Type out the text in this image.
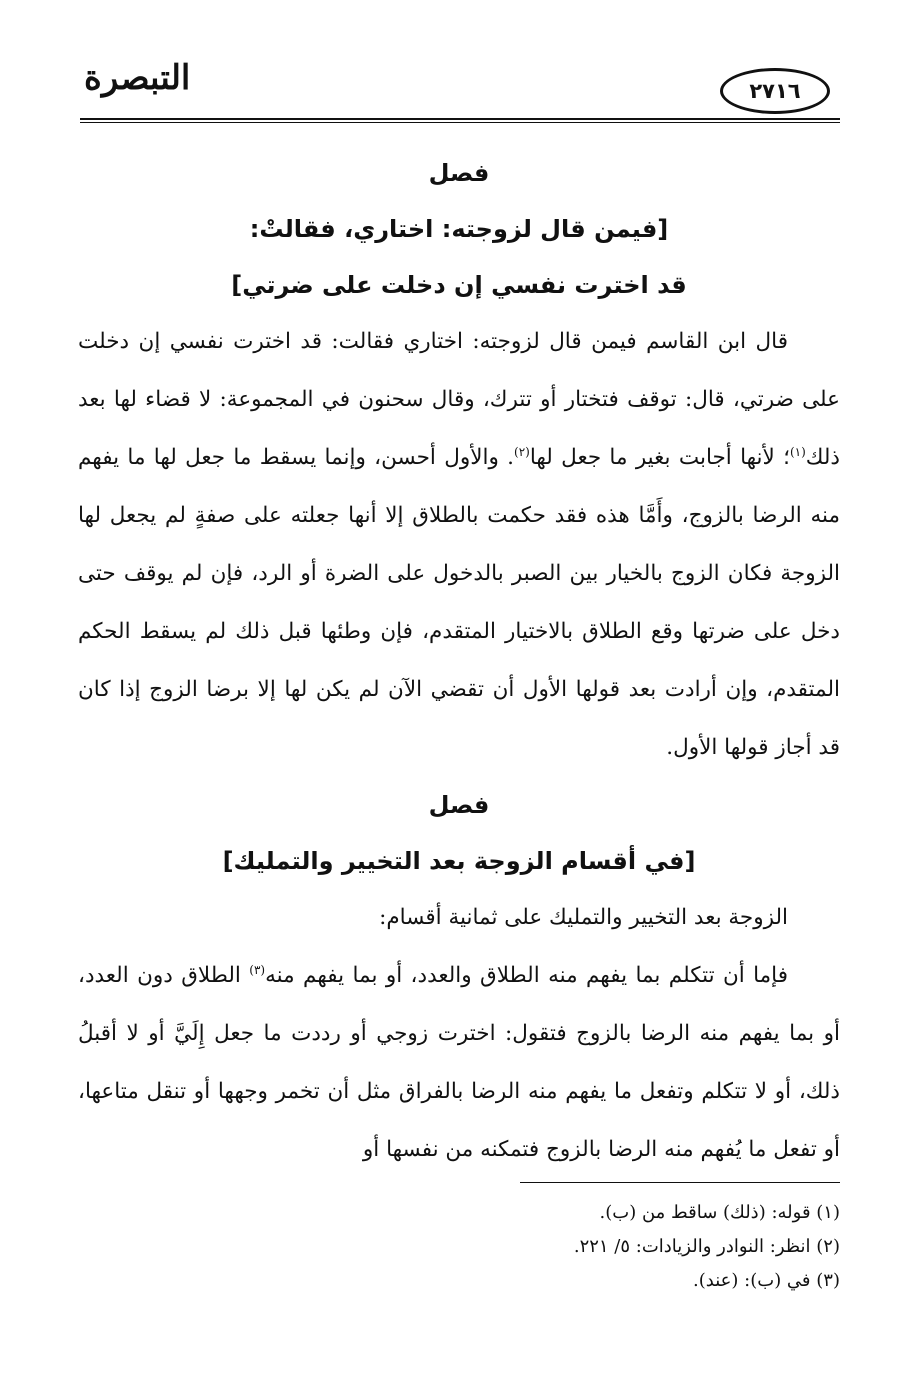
التبصرة	٢٧١٦

فصل

[فيمن قال لزوجته: اختاري، فقالتْ:

قد اخترت نفسي إن دخلت على ضرتي]

قال ابن القاسم فيمن قال لزوجته: اختاري فقالت: قد اخترت نفسي إن دخلت على ضرتي، قال: توقف فتختار أو تترك، وقال سحنون في المجموعة: لا قضاء لها بعد ذلك$^{(١)}$؛ لأنها أجابت بغير ما جعل لها$^{(٢)}$. والأول أحسن، وإنما يسقط ما جعل لها ما يفهم منه الرضا بالزوج، وأَمَّا هذه فقد حكمت بالطلاق إلا أنها جعلته على صفةٍ لم يجعل لها الزوجة فكان الزوج بالخيار بين الصبر بالدخول على الضرة أو الرد، فإن لم يوقف حتى دخل على ضرتها وقع الطلاق بالاختيار المتقدم، فإن وطئها قبل ذلك لم يسقط الحكم المتقدم، وإن أرادت بعد قولها الأول أن تقضي الآن لم يكن لها إلا برضا الزوج إذا كان قد أجاز قولها الأول.

فصل

[في أقسام الزوجة بعد التخيير والتمليك]

الزوجة بعد التخيير والتمليك على ثمانية أقسام:

فإما أن تتكلم بما يفهم منه الطلاق والعدد، أو بما يفهم منه$^{(٣)}$ الطلاق دون العدد، أو بما يفهم منه الرضا بالزوج فتقول: اخترت زوجي أو رددت ما جعل إِلَيَّ أو لا أقبلُ ذلك، أو لا تتكلم وتفعل ما يفهم منه الرضا بالفراق مثل أن تخمر وجهها أو تنقل متاعها، أو تفعل ما يُفهم منه الرضا بالزوج فتمكنه من نفسها أو

(١) قوله: (ذلك) ساقط من (ب).

(٢) انظر: النوادر والزيادات: ٥/ ٢٢١.

(٣) في (ب): (عند).
